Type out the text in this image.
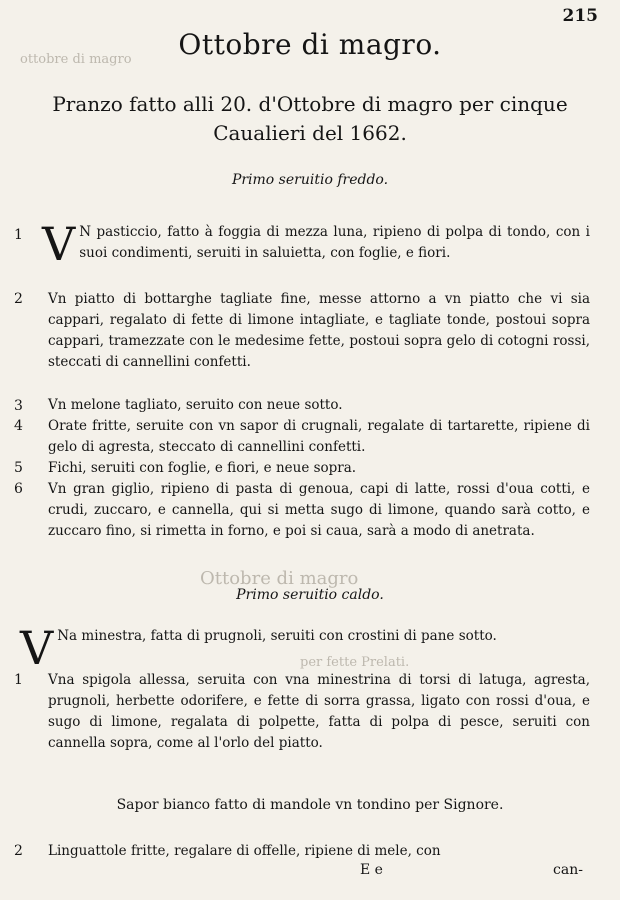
ottobre di magro
per fette Prelati.
Ottobre di magro
215
Ottobre di magro.
Pranzo fatto alli 20. d'Ottobre di magro per cinque Caualieri del 1662.
Primo seruitio freddo.
1 V N pasticcio, fatto à foggia di mezza luna, ripieno di polpa di tondo, con i suoi condimenti, seruiti in saluietta, con foglie, e fiori.
2 Vn piatto di bottarghe tagliate fine, messe attorno a vn piatto che vi sia cappari, regalato di fette di limone intagliate, e tagliate tonde, postoui sopra cappari, tramezzate con le medesime fette, postoui sopra gelo di cotogni rossi, steccati di cannellini confetti.
3 Vn melone tagliato, seruito con neue sotto.
4 Orate fritte, seruite con vn sapor di crugnali, regalate di tartarette, ripiene di gelo di agresta, steccato di cannellini confetti.
5 Fichi, seruiti con foglie, e fiori, e neue sopra.
6 Vn gran giglio, ripieno di pasta di genoua, capi di latte, rossi d'oua cotti, e crudi, zuccaro, e cannella, qui si metta sugo di limone, quando sarà cotto, e zuccaro fino, si rimetta in forno, e poi si caua, sarà a modo di anetrata.
Primo seruitio caldo.
V Na minestra, fatta di prugnoli, seruiti con crostini di pane sotto.
1 Vna spigola allessa, seruita con vna minestrina di torsi di latuga, agresta, prugnoli, herbette odorifere, e fette di sorra grassa, ligato con rossi d'oua, e sugo di limone, regalata di polpette, fatta di polpa di pesce, seruiti con cannella sopra, come al l'orlo del piatto.
Sapor bianco fatto di mandole vn tondino per Signore.
2 Linguattole fritte, regalare di offelle, ripiene di mele, con
E e	can-
